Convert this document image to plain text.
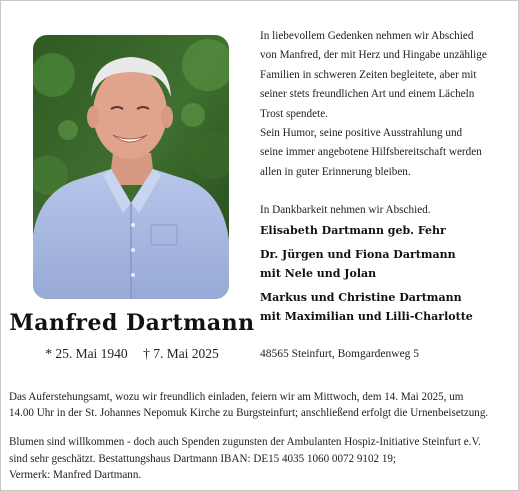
Manfred Dartmann
* 25. Mai 1940 † 7. Mai 2025

In liebevollem Gedenken nehmen wir Abschied

von Manfred, der mit Herz und Hingabe unzählige

Familien in schweren Zeiten begleitete, aber mit

seiner stets freundlichen Art und einem Lächeln

Trost spendete.

Sein Humor, seine positive Ausstrahlung und

seine immer angebotene Hilfsbereitschaft werden

allen in guter Erinnerung bleiben.

In Dankbarkeit nehmen wir Abschied.

Elisabeth Dartmann geb. Fehr

Dr. Jürgen und Fiona Dartmann

mit Nele und Jolan

Markus und Christine Dartmann

mit Maximilian und Lilli-Charlotte

48565 Steinfurt, Bomgardenweg 5

Das Auferstehungsamt, wozu wir freundlich einladen, feiern wir am Mittwoch, dem 14. Mai 2025, um

14.00 Uhr in der St. Johannes Nepomuk Kirche zu Burgsteinfurt; anschließend erfolgt die Urnenbeisetzung.

Blumen sind willkommen - doch auch Spenden zugunsten der Ambulanten Hospiz-Initiative Steinfurt e.V.

sind sehr geschätzt. Bestattungshaus Dartmann IBAN: DE15 4035 1060 0072 9102 19;

Vermerk: Manfred Dartmann.
